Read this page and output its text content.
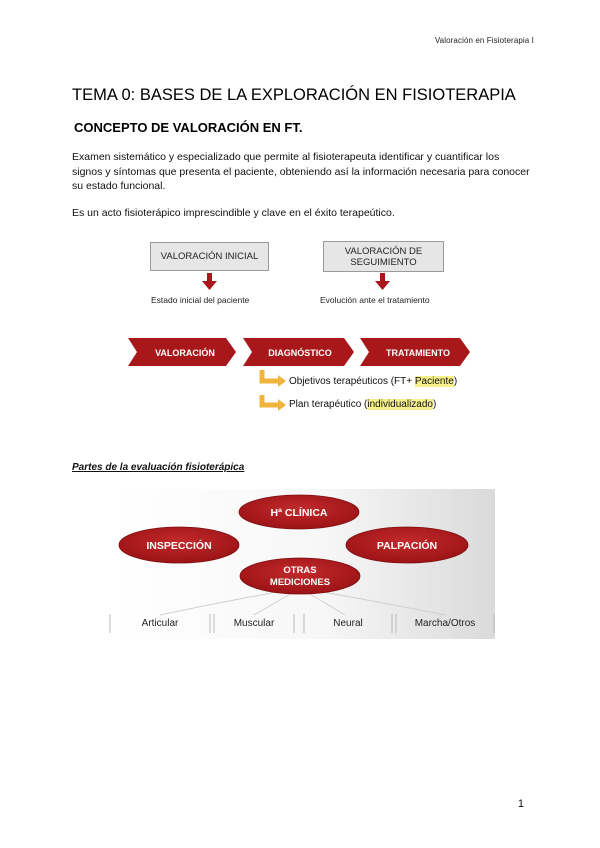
Valoración en Fisioterapia I
TEMA 0: BASES DE LA EXPLORACIÓN EN FISIOTERAPIA
CONCEPTO DE VALORACIÓN EN FT.
Examen sistemático y especializado que permite al fisioterapeuta identificar y cuantificar los signos y síntomas que presenta el paciente, obteniendo así la información necesaria para conocer su estado funcional.
Es un acto fisioterápico imprescindible y clave en el éxito terapeútico.
VALORACIÓN INICIAL	VALORACIÓN DE SEGUIMIENTO
VALORACIÓN	DIAGNÓSTICO	TRATAMIENTO
Estado inicial del paciente	Evolución ante el tratamiento
Objetivos terapéuticos (FT+ Paciente)
Plan terapéutico (individualizado)
Partes de la evaluación fisioterápica
Hª CLÍNICA
INSPECCIÓN	PALPACIÓN
OTRAS
MEDICIONES
Articular	Muscular	Neural	Marcha/Otros
1
